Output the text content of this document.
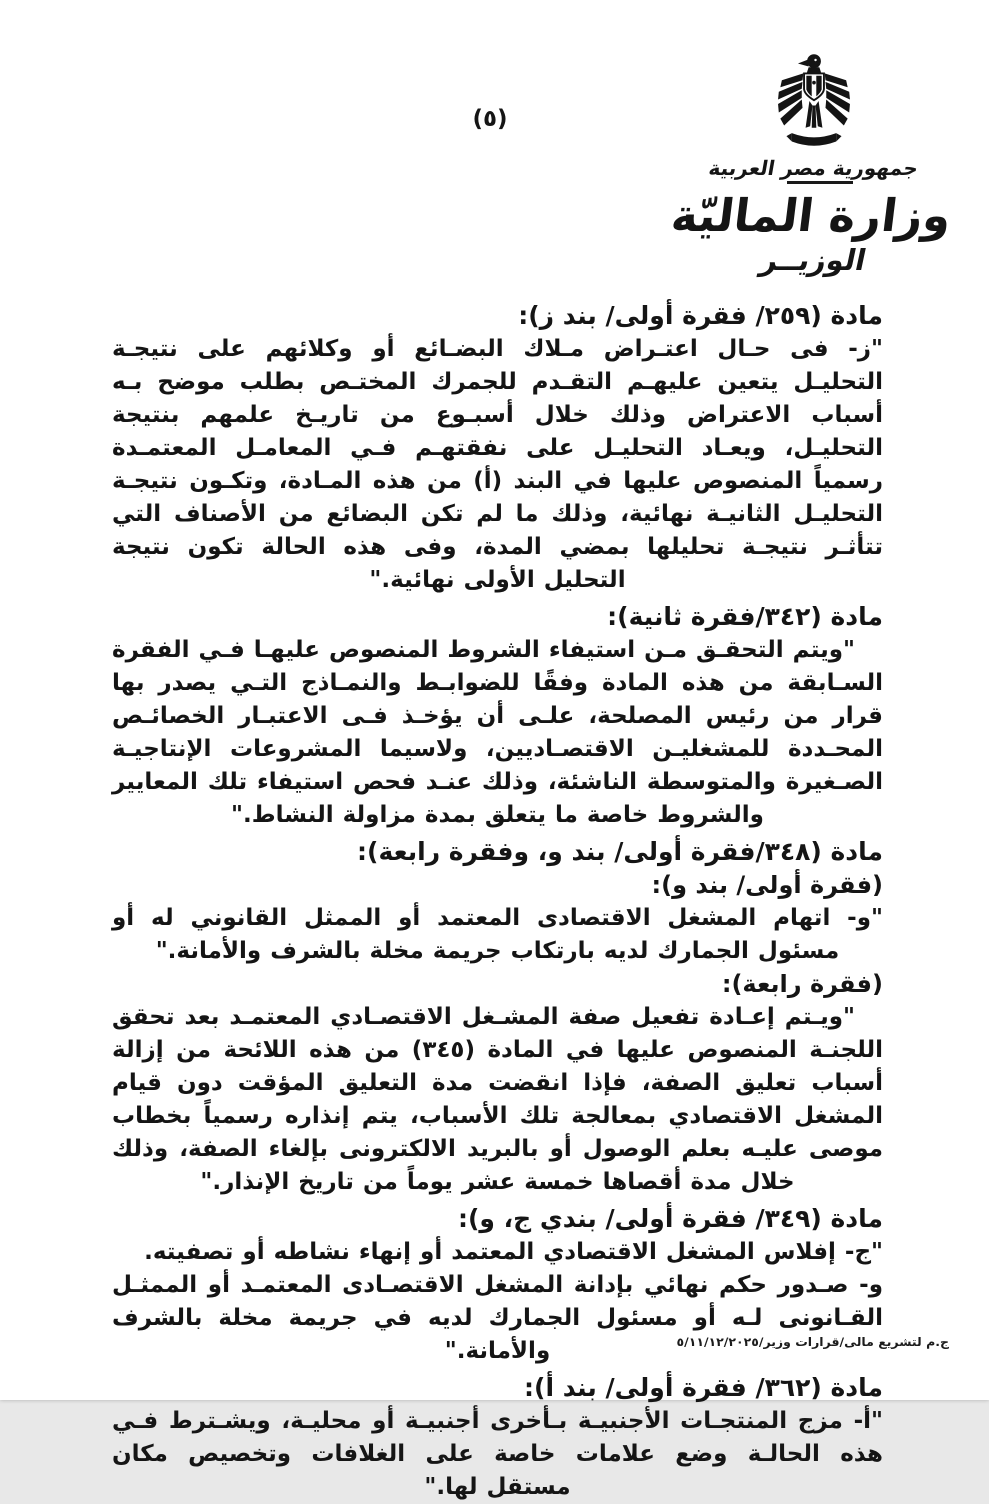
(٥)
جمهورية مصر العربية
وزارة الماليّة
الوزيــر
مادة (٢٥٩/ فقرة أولى/ بند ز):

"ز- فى حـال اعتـراض مـلاك البضـائع أو وكلائهم على نتيجـة التحليـل يتعين عليهـم التقـدم للجمرك المختـص بطلب موضح بـه أسباب الاعتراض وذلك خلال أسبـوع من تاريـخ علمهم بنتيجة التحليـل، ويعـاد التحليـل على نفقتهـم فـي المعامـل المعتمـدة رسمياً المنصوص عليها في البند (أ) من هذه المـادة، وتكـون نتيجـة التحليـل الثانيـة نهائية، وذلك ما لم تكن البضائع من الأصناف التي تتأثـر نتيجـة تحليلها بمضي المدة، وفى هذه الحالة تكون نتيجة التحليل الأولى نهائية."

مادة (٣٤٢/فقرة ثانية):

"ويتم التحقـق مـن استيفاء الشروط المنصوص عليهـا فـي الفقرة السـابقة من هذه المادة وفقًا للضوابـط والنمـاذج التـي يصدر بها قرار من رئيس المصلحة، علـى أن يؤخـذ فـى الاعتبـار الخصائـص المحـددة للمشغليـن الاقتصـاديين، ولاسيما المشروعات الإنتاجيـة الصـغيرة والمتوسطة الناشئة، وذلك عنـد فحص استيفاء تلك المعايير والشروط خاصة ما يتعلق بمدة مزاولة النشاط."

مادة (٣٤٨/فقرة أولى/ بند و، وفقرة رابعة):
(فقرة أولى/ بند و):

"و- اتهام المشغل الاقتصادى المعتمد أو الممثل القانوني له أو مسئول الجمارك لديه بارتكاب جريمة مخلة بالشرف والأمانة."

(فقرة رابعة):

"ويـتم إعـادة تفعيل صفة المشـغل الاقتصـادي المعتمـد بعد تحقق اللجنـة المنصوص عليها في المادة (٣٤٥) من هذه اللائحة من إزالة أسباب تعليق الصفة، فإذا انقضت مدة التعليق المؤقت دون قيام المشغل الاقتصادي بمعالجة تلك الأسباب، يتم إنذاره رسمياً بخطاب موصى عليـه بعلم الوصول أو بالبريد الالكترونى بإلغاء الصفة، وذلك خلال مدة أقصاها خمسة عشر يوماً من تاريخ الإنذار."

مادة (٣٤٩/ فقرة أولى/ بندي ج، و):

"ج- إفلاس المشغل الاقتصادي المعتمد أو إنهاء نشاطه أو تصفيته.

و- صـدور حكم نهائي بإدانة المشغل الاقتصـادى المعتمـد أو الممثـل القـانونى لـه أو مسئول الجمارك لديه في جريمة مخلة بالشرف والأمانة."

مادة (٣٦٢/ فقرة أولى/ بند أ):

"أ- مزج المنتجـات الأجنبيـة بـأخرى أجنبيـة أو محليـة، ويشـترط فـي هذه الحالـة وضع علامات خاصة على الغلافات وتخصيص مكان مستقل لها."

ج.م لتشريع مالى/قرارات وزير/٥/١١/١٢/٢٠٢٥
